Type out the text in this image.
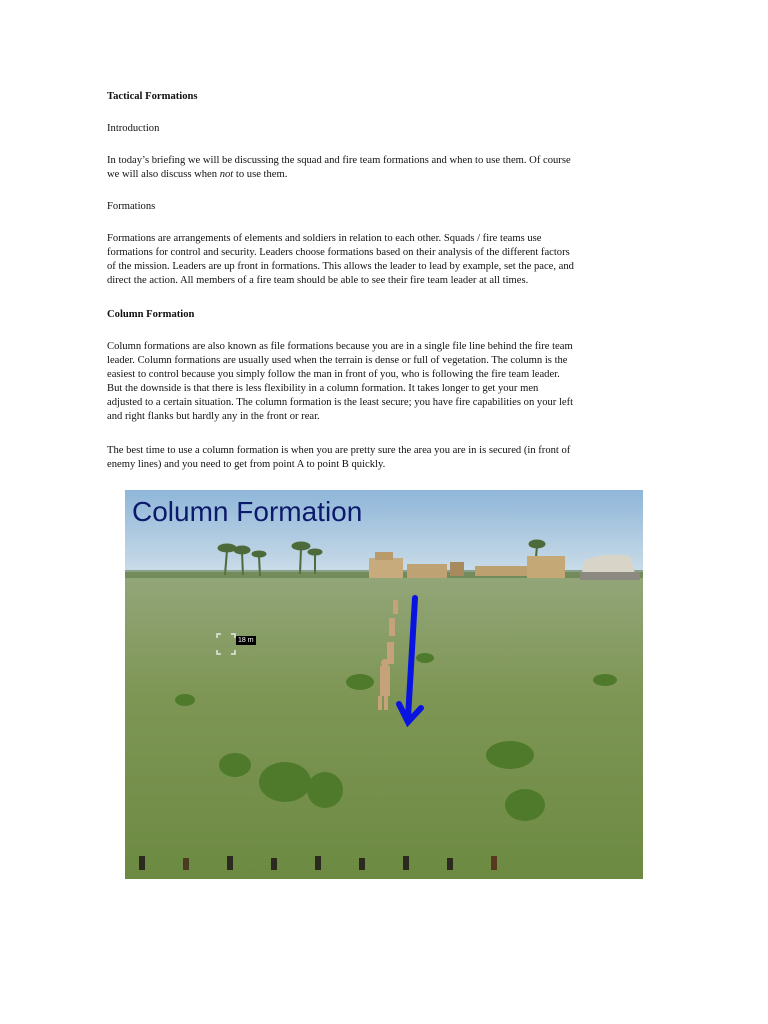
Tactical Formations
Introduction
In today’s briefing we will be discussing the squad and fire team formations and when to use them. Of course
we will also discuss when not to use them.
Formations
Formations are arrangements of elements and soldiers in relation to each other. Squads / fire teams use
formations for control and security. Leaders choose formations based on their analysis of the different factors
of the mission. Leaders are up front in formations. This allows the leader to lead by example, set the pace, and
direct the action. All members of a fire team should be able to see their fire team leader at all times.
Column Formation
Column formations are also known as file formations because you are in a single file line behind the fire team
leader. Column formations are usually used when the terrain is dense or full of vegetation. The column is the
easiest to control because you simply follow the man in front of you, who is following the fire team leader.
But the downside is that there is less flexibility in a column formation. It takes longer to get your men
adjusted to a certain situation. The column formation is the least secure; you have fire capabilities on your left
and right flanks but hardly any in the front or rear.
The best time to use a column formation is when you are pretty sure the area you are in is secured (in front of
enemy lines) and you need to get from point A to point B quickly.
Column Formation
18 m
